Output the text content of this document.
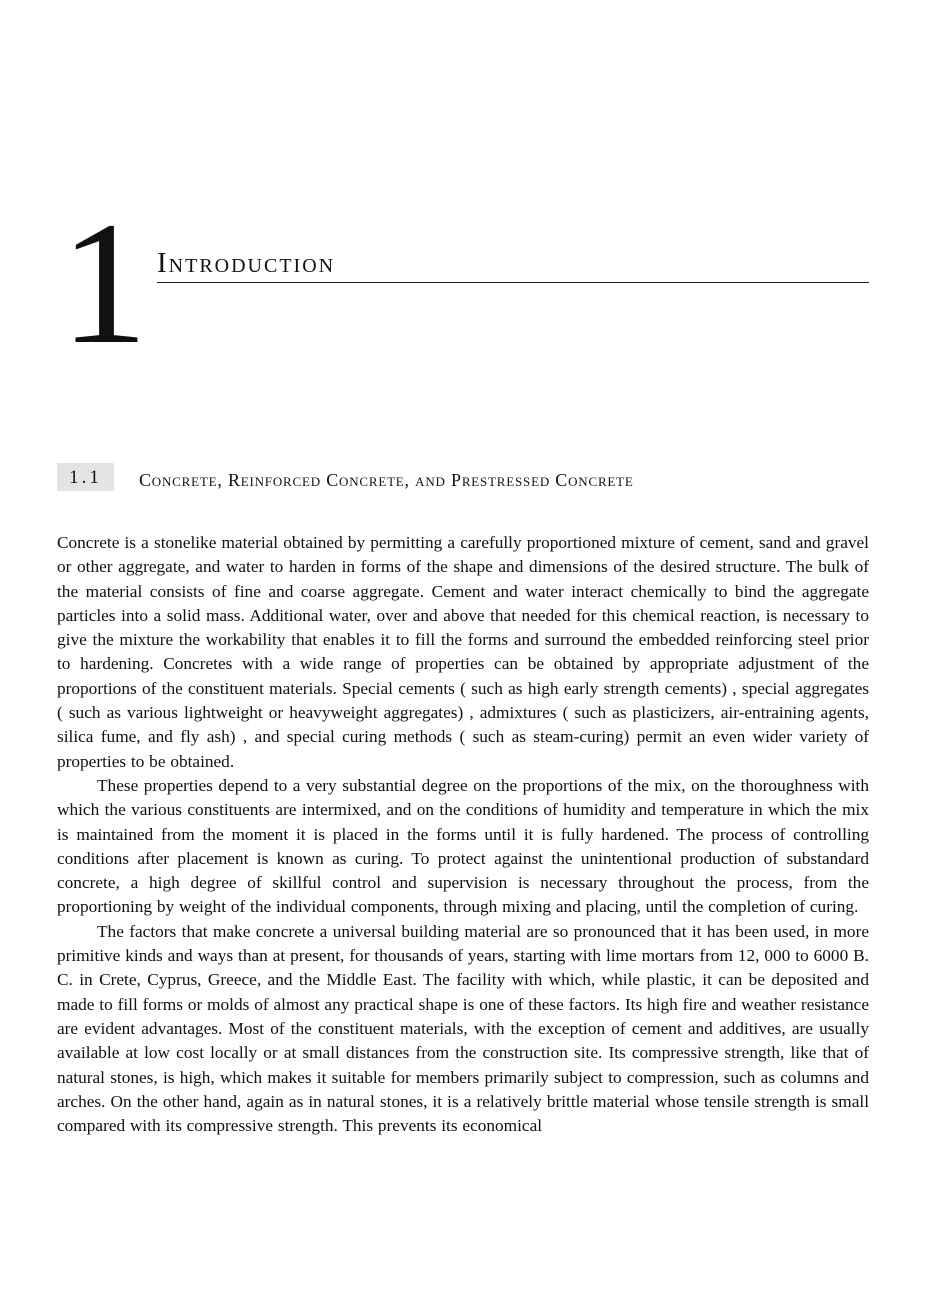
1 Introduction
1.1	Concrete, Reinforced Concrete, and Prestressed Concrete

Concrete is a stonelike material obtained by permitting a carefully proportioned mixture of cement, sand and gravel or other aggregate, and water to harden in forms of the shape and dimensions of the desired structure. The bulk of the material consists of fine and coarse aggregate. Cement and water interact chemically to bind the aggregate particles into a solid mass. Additional water, over and above that needed for this chemical reaction, is necessary to give the mixture the workability that enables it to fill the forms and surround the embedded reinforcing steel prior to hardening. Concretes with a wide range of properties can be obtained by appropriate adjustment of the proportions of the constituent materials. Special cements ( such as high early strength cements) , special aggregates ( such as various lightweight or heavyweight aggregates) , admixtures ( such as plasticizers, air-entraining agents, silica fume, and fly ash) , and special curing methods ( such as steam-curing) permit an even wider variety of properties to be obtained.

These properties depend to a very substantial degree on the proportions of the mix, on the thoroughness with which the various constituents are intermixed, and on the conditions of humidity and temperature in which the mix is maintained from the moment it is placed in the forms until it is fully hardened. The process of controlling conditions after placement is known as curing. To protect against the unintentional production of substandard concrete, a high degree of skillful control and supervision is necessary throughout the process, from the proportioning by weight of the individual components, through mixing and placing, until the completion of curing.

The factors that make concrete a universal building material are so pronounced that it has been used, in more primitive kinds and ways than at present, for thousands of years, starting with lime mortars from 12, 000 to 6000 B. C. in Crete, Cyprus, Greece, and the Middle East. The facility with which, while plastic, it can be deposited and made to fill forms or molds of almost any practical shape is one of these factors. Its high fire and weather resistance are evident advantages. Most of the constituent materials, with the exception of cement and additives, are usually available at low cost locally or at small distances from the construction site. Its compressive strength, like that of natural stones, is high, which makes it suitable for members primarily subject to compression, such as columns and arches. On the other hand, again as in natural stones, it is a relatively brittle material whose tensile strength is small compared with its compressive strength. This prevents its economical
